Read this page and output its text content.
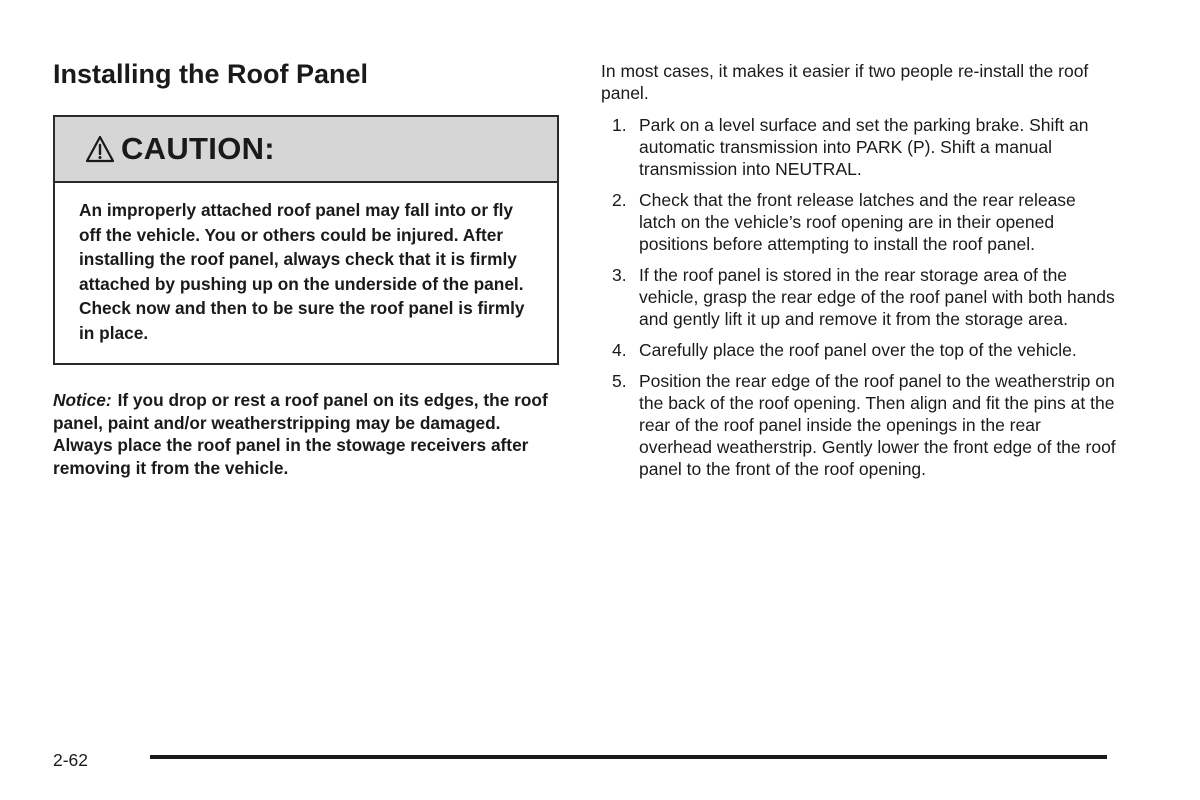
Installing the Roof Panel
CAUTION:
An improperly attached roof panel may fall into or fly off the vehicle. You or others could be injured. After installing the roof panel, always check that it is firmly attached by pushing up on the underside of the panel. Check now and then to be sure the roof panel is firmly in place.

Notice: If you drop or rest a roof panel on its edges, the roof panel, paint and/or weatherstripping may be damaged. Always place the roof panel in the stowage receivers after removing it from the vehicle.

In most cases, it makes it easier if two people re-install the roof panel.

1. Park on a level surface and set the parking brake. Shift an automatic transmission into PARK (P). Shift a manual transmission into NEUTRAL.
2. Check that the front release latches and the rear release latch on the vehicle’s roof opening are in their opened positions before attempting to install the roof panel.
3. If the roof panel is stored in the rear storage area of the vehicle, grasp the rear edge of the roof panel with both hands and gently lift it up and remove it from the storage area.
4. Carefully place the roof panel over the top of the vehicle.
5. Position the rear edge of the roof panel to the weatherstrip on the back of the roof opening. Then align and fit the pins at the rear of the roof panel inside the openings in the rear overhead weatherstrip. Gently lower the front edge of the roof panel to the front of the roof opening.
2-62
